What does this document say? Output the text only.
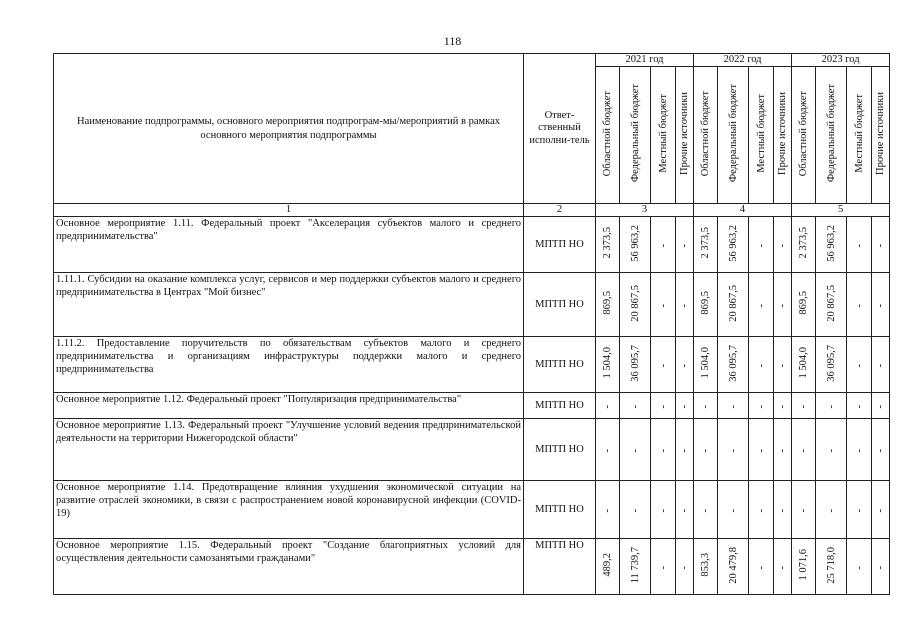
118
Наименование подпрограммы, основного мероприятия подпрограм-мы/мероприятий в рамках основного мероприятия подпрограммы	Ответ-ственный исполни-тель	2021 год				2022 год				2023 год			
		Областной бюджет	Федеральный бюджет	Местный бюджет	Прочие источники	Областной бюджет	Федеральный бюджет	Местный бюджет	Прочие источники	Областной бюджет	Федеральный бюджет	Местный бюджет	Прочие источники
1	2	3				4				5			
Основное мероприятие 1.11. Федеральный проект "Акселерация субъектов малого и среднего предпринимательства"	МПТП НО	2 373,5	56 963,2	-	-	2 373,5	56 963,2	-	-	2 373,5	56 963,2	-	-
1.11.1. Субсидии на оказание комплекса услуг, сервисов и мер поддержки субъектов малого и среднего предпринимательства в Центрах "Мой бизнес"	МПТП НО	869,5	20 867,5	-	-	869,5	20 867,5	-	-	869,5	20 867,5	-	-
1.11.2. Предоставление поручительств по обязательствам субъектов малого и среднего предпринимательства и организациям инфраструктуры поддержки малого и среднего предпринимательства	МПТП НО	1 504,0	36 095,7	-	-	1 504,0	36 095,7	-	-	1 504,0	36 095,7	-	-
Основное мероприятие 1.12. Федеральный проект "Популяризация предпринимательства"	МПТП НО	-	-	-	-	-	-	-	-	-	-	-	-
Основное мероприятие 1.13. Федеральный проект "Улучшение условий ведения предпринимательской деятельности на территории Нижегородской области"	МПТП НО	-	-	-	-	-	-	-	-	-	-	-	-
Основное мероприятие 1.14. Предотвращение влияния ухудшения экономической ситуации на развитие отраслей экономики, в связи с распространением новой коронавирусной инфекции (COVID-19)	МПТП НО	-	-	-	-	-	-	-	-	-	-	-	-
Основное мероприятие 1.15. Федеральный проект "Создание благоприятных условий для осуществления деятельности самозанятыми гражданами"	МПТП НО	489,2	11 739,7	-	-	853,3	20 479,8	-	-	1 071,6	25 718,0	-	-
